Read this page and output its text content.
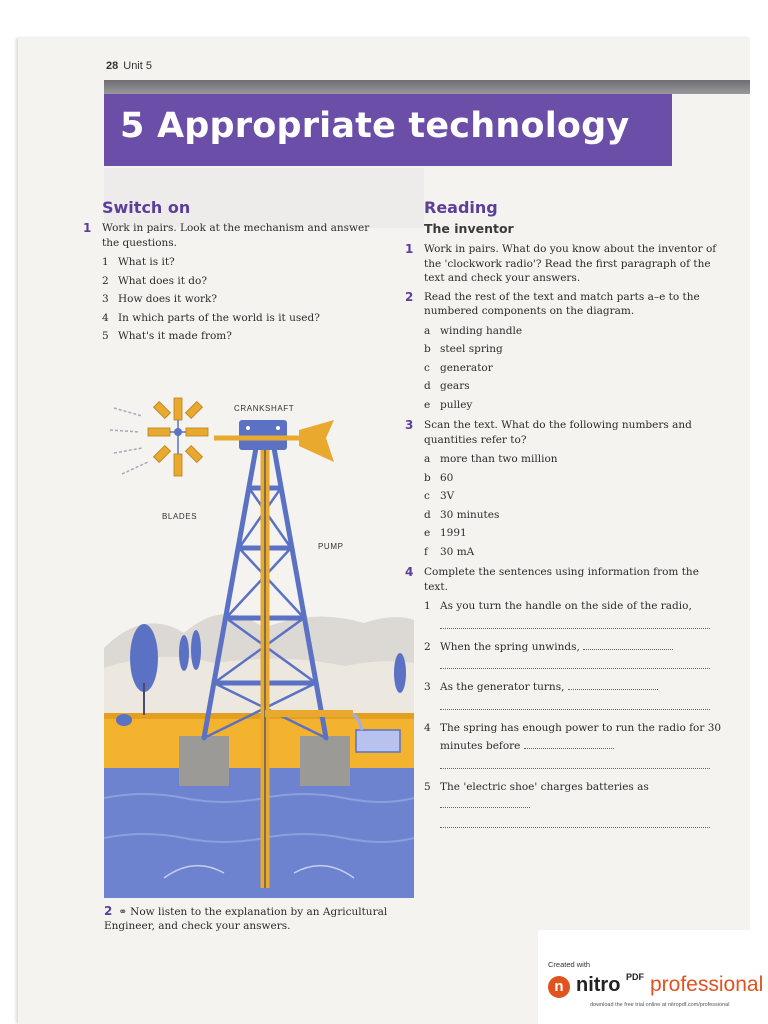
28 Unit 5
5 Appropriate technology
Switch on
1 Work in pairs. Look at the mechanism and answer the questions.
1 What is it?
2 What does it do?
3 How does it work?
4 In which parts of the world is it used?
5 What's it made from?
CRANKSHAFT
BLADES
PUMP
2 ⚭ Now listen to the explanation by an Agricultural Engineer, and check your answers.
Reading
The inventor
1 Work in pairs. What do you know about the inventor of the 'clockwork radio'? Read the first paragraph of the text and check your answers.
2 Read the rest of the text and match parts a–e to the numbered components on the diagram.
a winding handle
b steel spring
c generator
d gears
e pulley
3 Scan the text. What do the following numbers and quantities refer to?
a more than two million
b 60
c 3V
d 30 minutes
e 1991
f 30 mA
4 Complete the sentences using information from the text.
1 As you turn the handle on the side of the radio,
2 When the spring unwinds,
3 As the generator turns,
4 The spring has enough power to run the radio for 30 minutes before
5 The 'electric shoe' charges batteries as
Created with
n nitro PDF professional
download the free trial online at nitropdf.com/professional
